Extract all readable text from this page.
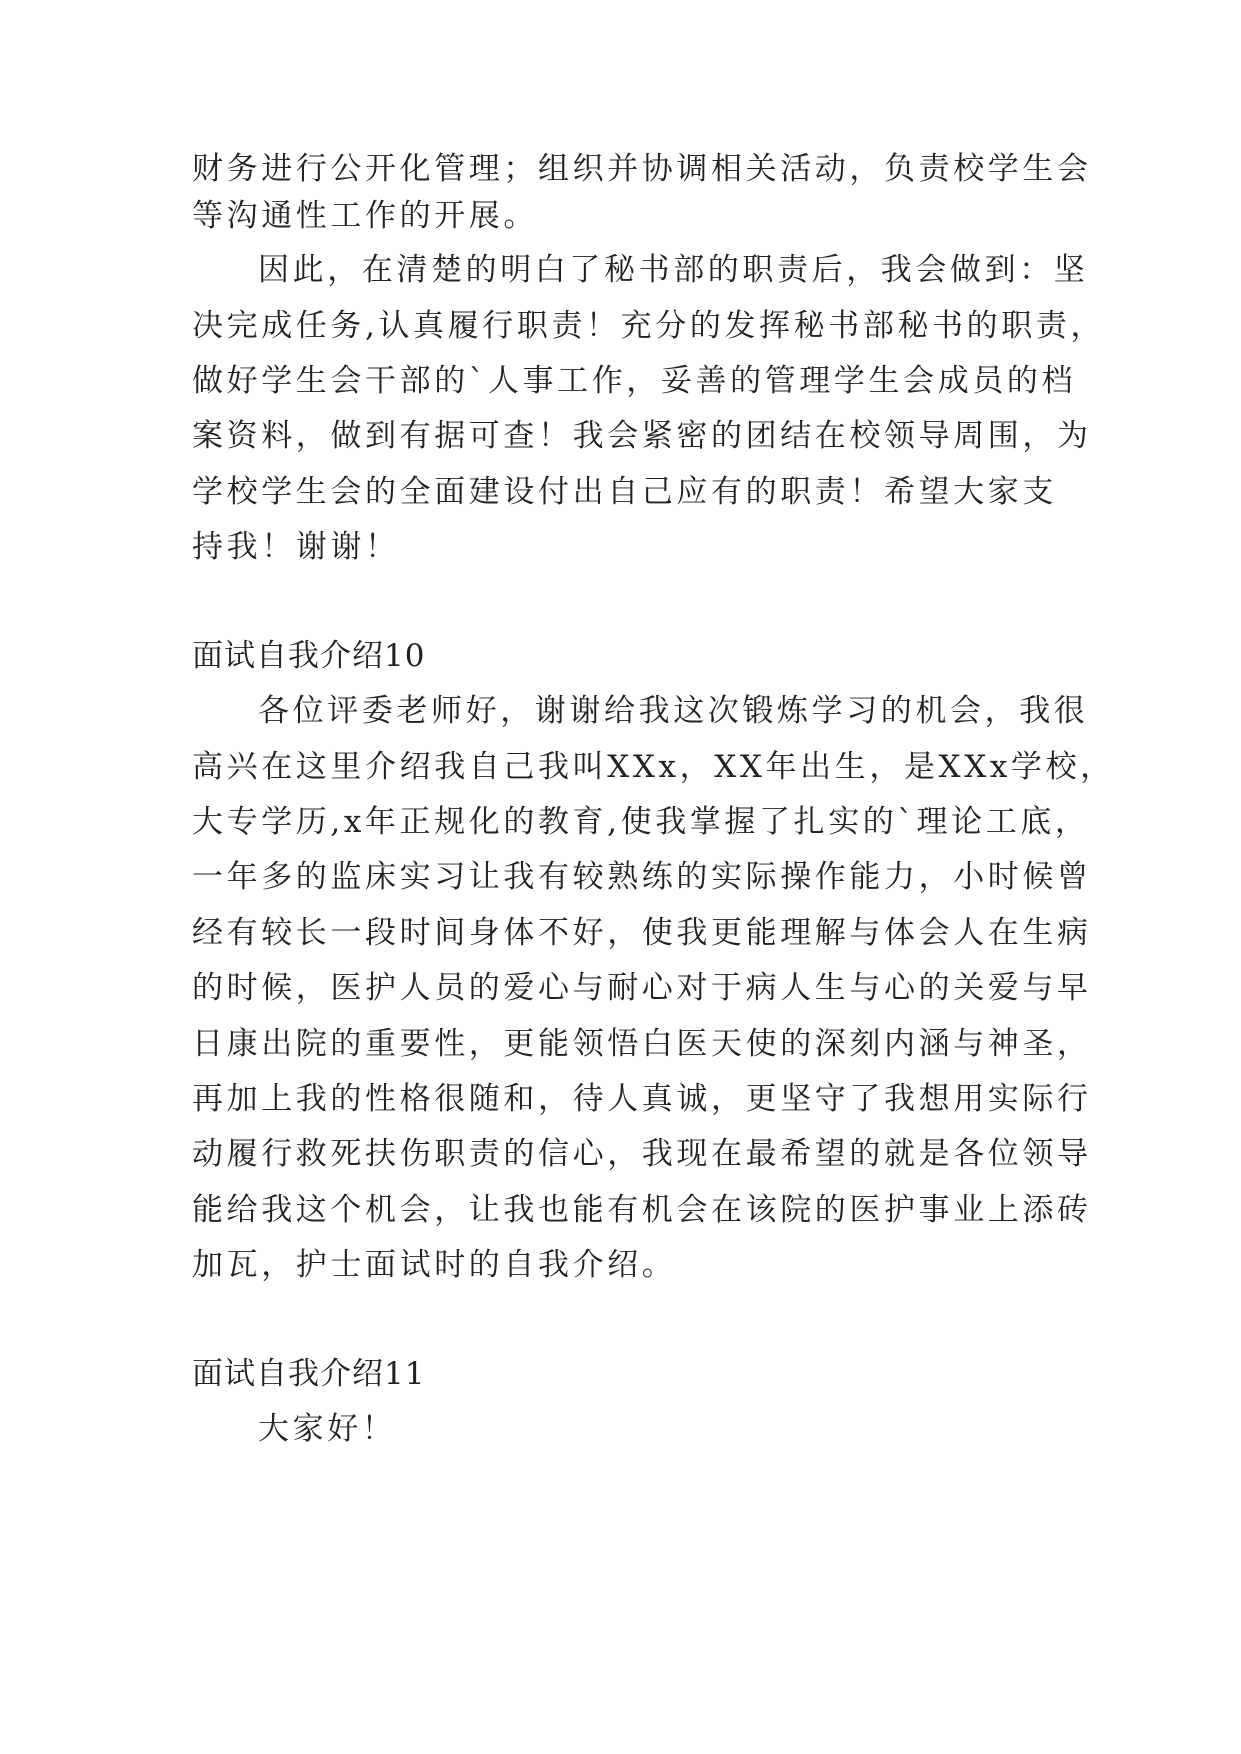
财务进行公开化管理；组织并协调相关活动，负责校学生会
等沟通性工作的开展。
因此，在清楚的明白了秘书部的职责后，我会做到：坚
决完成任务,认真履行职责！充分的发挥秘书部秘书的职责，
做好学生会干部的`人事工作，妥善的管理学生会成员的档
案资料，做到有据可查！我会紧密的团结在校领导周围，为
学校学生会的全面建设付出自己应有的职责！希望大家支
持我！谢谢！
面试自我介绍10
各位评委老师好，谢谢给我这次锻炼学习的机会，我很
高兴在这里介绍我自己我叫XXx，XX年出生，是XXx学校，
大专学历,x年正规化的教育,使我掌握了扎实的`理论工底，
一年多的监床实习让我有较熟练的实际操作能力，小时候曾
经有较长一段时间身体不好，使我更能理解与体会人在生病
的时候，医护人员的爱心与耐心对于病人生与心的关爱与早
日康出院的重要性，更能领悟白医天使的深刻内涵与神圣，
再加上我的性格很随和，待人真诚，更坚守了我想用实际行
动履行救死扶伤职责的信心，我现在最希望的就是各位领导
能给我这个机会，让我也能有机会在该院的医护事业上添砖
加瓦，护士面试时的自我介绍。
面试自我介绍11
大家好！
